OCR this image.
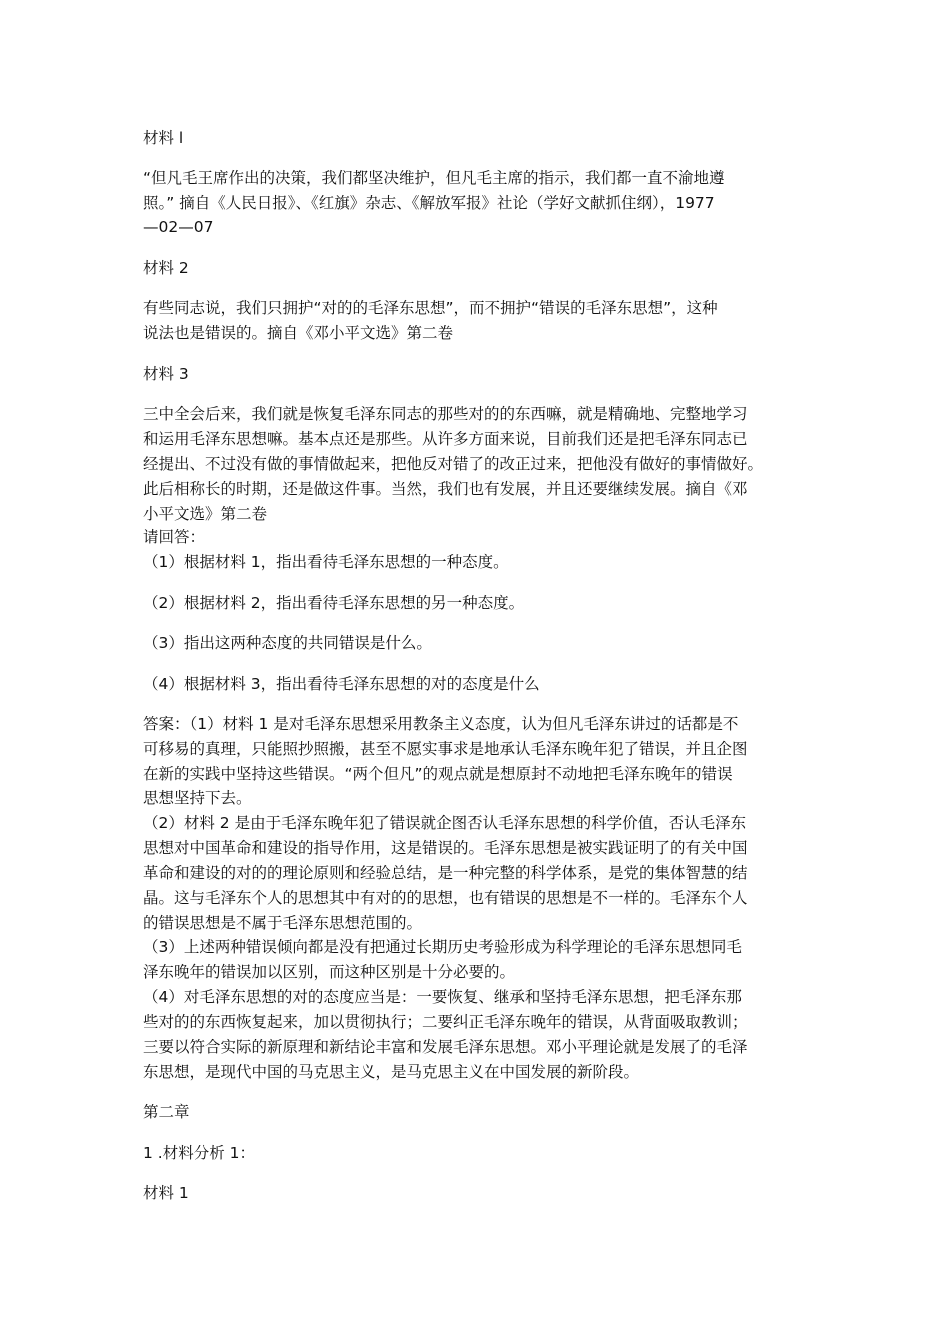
材料 l
“但凡毛王席作出的决策，我们都坚决维护，但凡毛主席的指示，我们都一直不渝地遵
照。” 摘自《人民日报》、《红旗》杂志、《解放军报》社论（学好文献抓住纲），1977
—02—07
材料 2
有些同志说，我们只拥护“对的的毛泽东思想”，而不拥护“错误的毛泽东思想”，这种
说法也是错误的。摘自《邓小平文选》第二卷
材料 3
三中全会后来，我们就是恢复毛泽东同志的那些对的的东西嘛，就是精确地、完整地学习
和运用毛泽东思想嘛。基本点还是那些。从许多方面来说，目前我们还是把毛泽东同志已
经提出、不过没有做的事情做起来，把他反对错了的改正过来，把他没有做好的事情做好。
此后相称长的时期，还是做这件事。当然，我们也有发展，并且还要继续发展。摘自《邓
小平文选》第二卷
请回答：
（1）根据材料 1，指出看待毛泽东思想的一种态度。
（2）根据材料 2，指出看待毛泽东思想的另一种态度。
（3）指出这两种态度的共同错误是什么。
（4）根据材料 3，指出看待毛泽东思想的对的态度是什么
答案：（1）材料 1 是对毛泽东思想采用教条主义态度，认为但凡毛泽东讲过的话都是不
可移易的真理，只能照抄照搬，甚至不愿实事求是地承认毛泽东晚年犯了错误，并且企图
在新的实践中坚持这些错误。“两个但凡”的观点就是想原封不动地把毛泽东晚年的错误
思想坚持下去。
（2）材料 2 是由于毛泽东晚年犯了错误就企图否认毛泽东思想的科学价值，否认毛泽东
思想对中国革命和建设的指导作用，这是错误的。毛泽东思想是被实践证明了的有关中国
革命和建设的对的的理论原则和经验总结，是一种完整的科学体系，是党的集体智慧的结
晶。这与毛泽东个人的思想其中有对的的思想，也有错误的思想是不一样的。毛泽东个人
的错误思想是不属于毛泽东思想范围的。
（3）上述两种错误倾向都是没有把通过长期历史考验形成为科学理论的毛泽东思想同毛
泽东晚年的错误加以区别，而这种区别是十分必要的。
（4）对毛泽东思想的对的态度应当是：一要恢复、继承和坚持毛泽东思想，把毛泽东那
些对的的东西恢复起来，加以贯彻执行；二要纠正毛泽东晚年的错误，从背面吸取教训；
三要以符合实际的新原理和新结论丰富和发展毛泽东思想。邓小平理论就是发展了的毛泽
东思想，是现代中国的马克思主义，是马克思主义在中国发展的新阶段。
第二章
1 .材料分析 1：
材料 1
